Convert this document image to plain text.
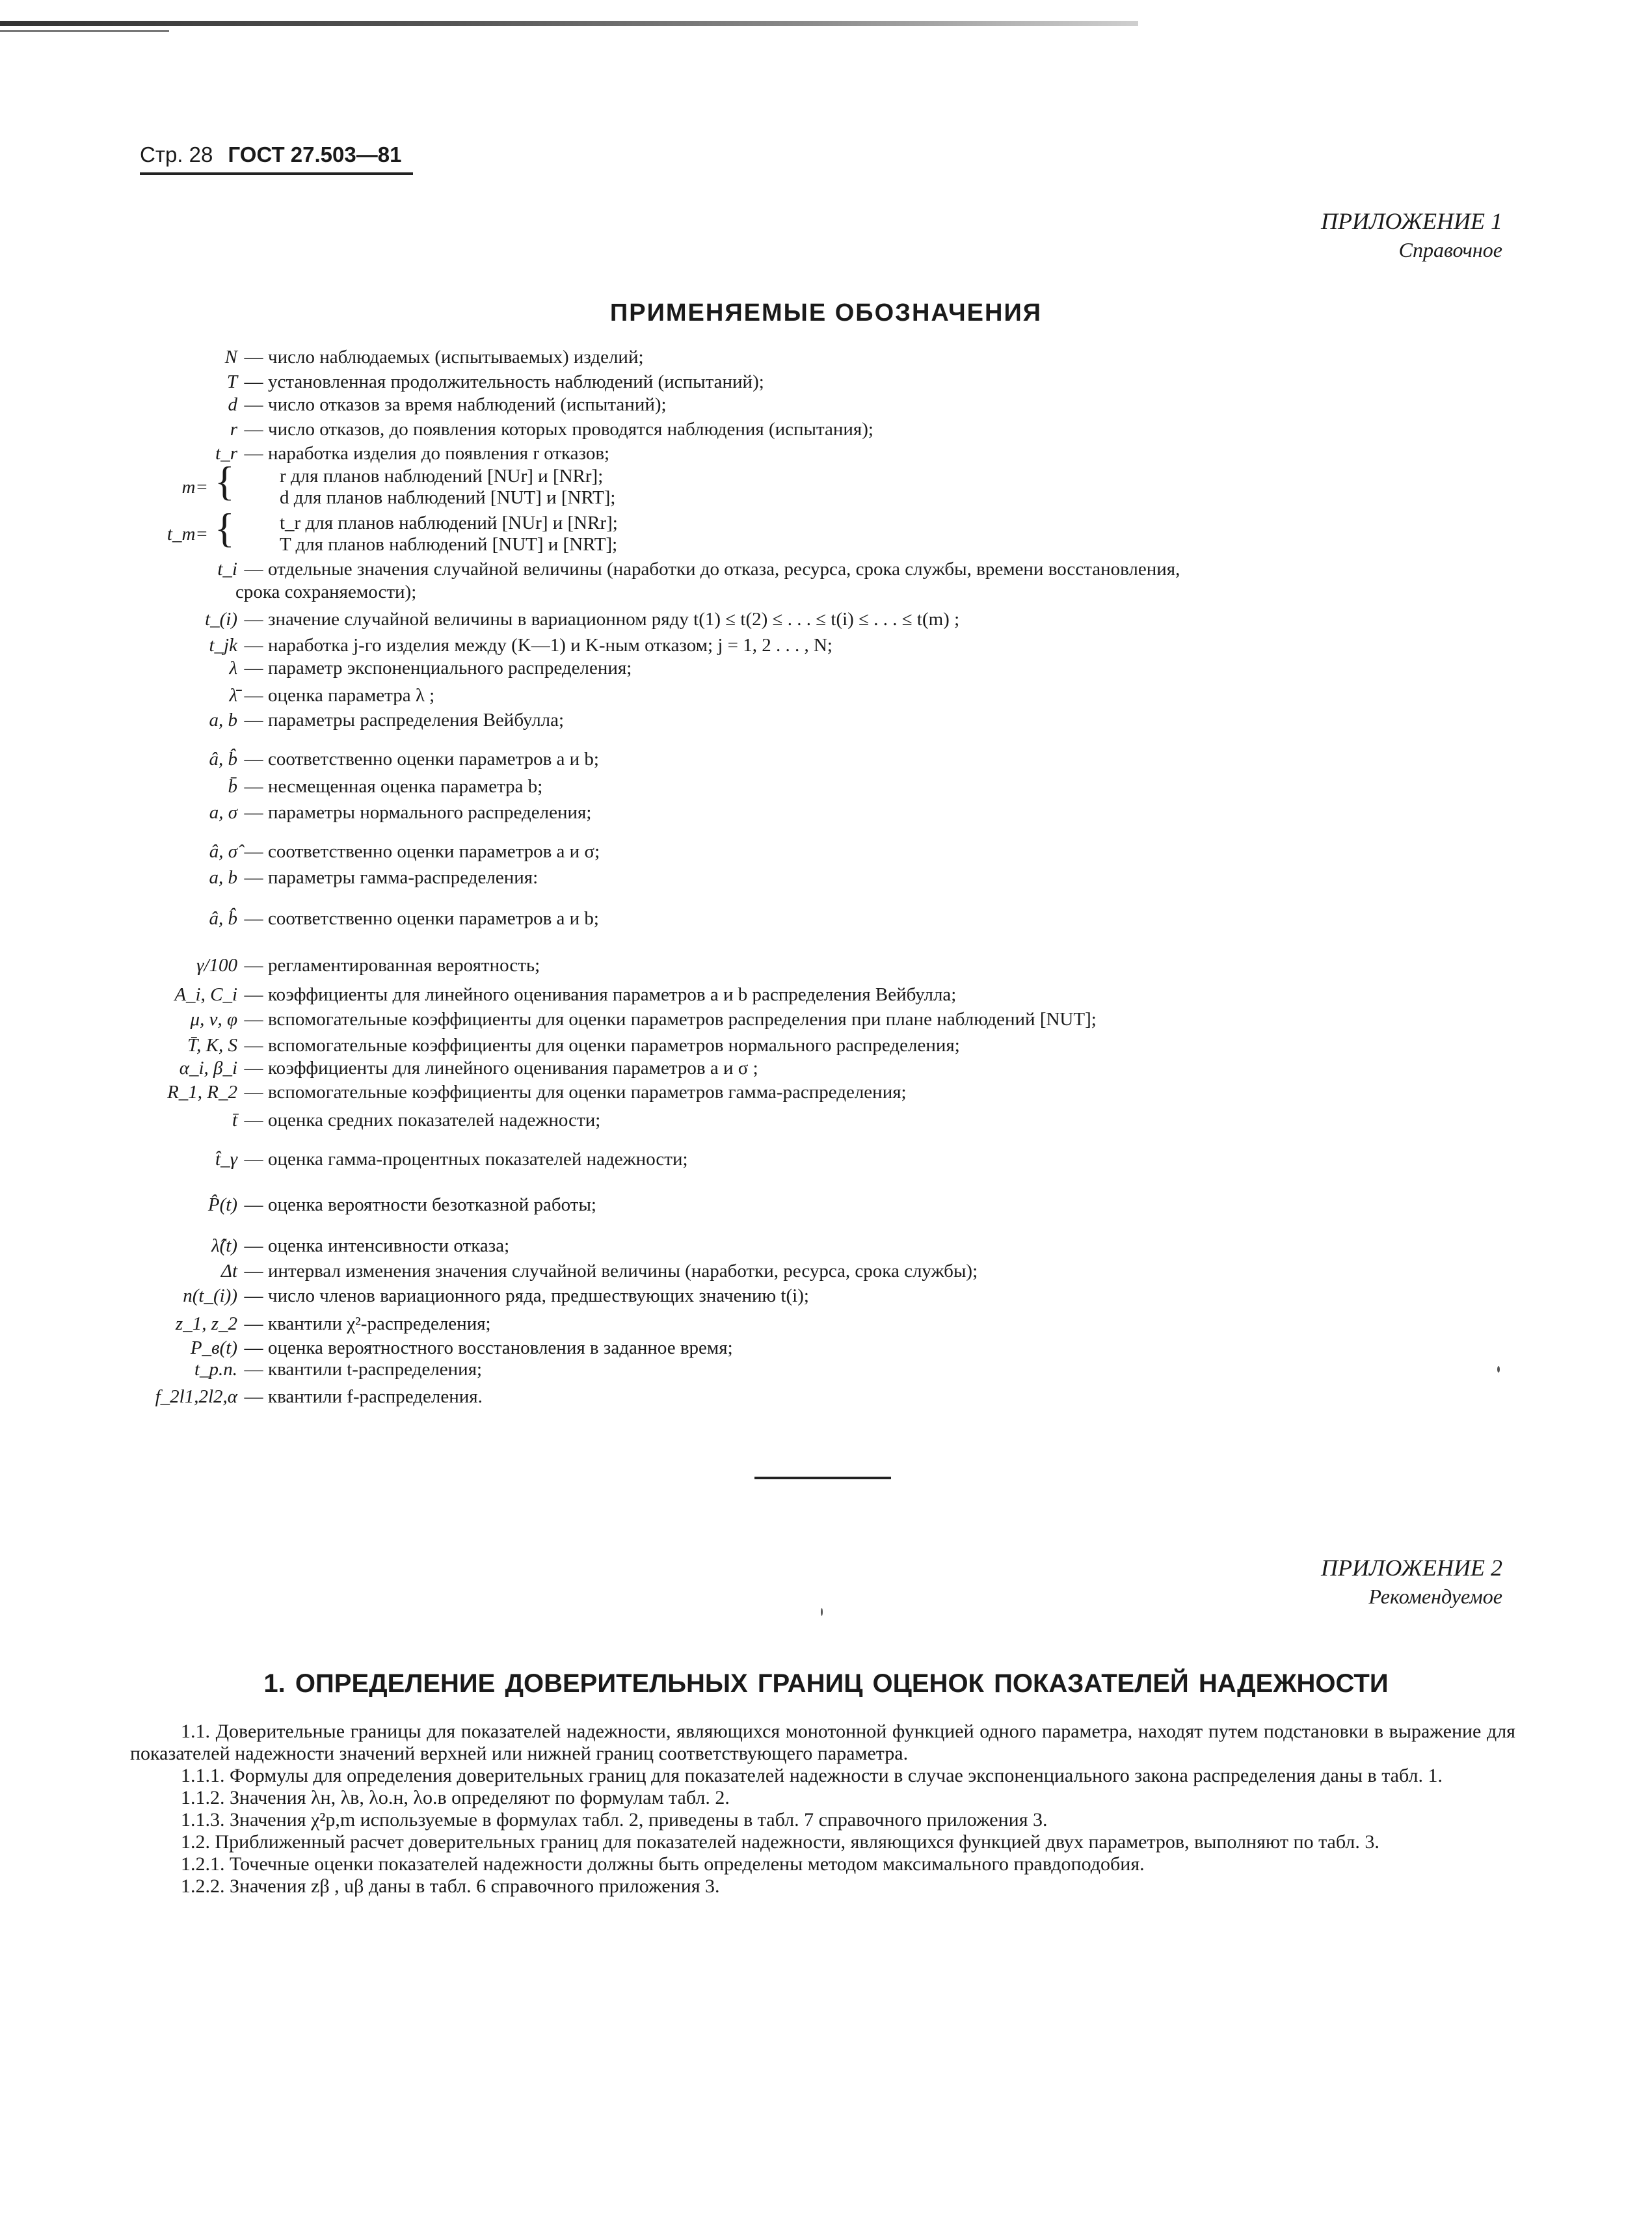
Стр. 28 ГОСТ 27.503—81
ПРИЛОЖЕНИЕ 1
Справочное
ПРИМЕНЯЕМЫЕ ОБОЗНАЧЕНИЯ
N — число наблюдаемых (испытываемых) изделий;
T — установленная продолжительность наблюдений (испытаний);
d — число отказов за время наблюдений (испытаний);
r — число отказов, до появления которых проводятся наблюдения (испытания);
t_r — наработка изделия до появления r отказов;
{ r для планов наблюдений [NUr] и [NRr];
m=	d для планов наблюдений [NUT] и [NRT];
{ t_r для планов наблюдений [NUr] и [NRr];
t_m=	T для планов наблюдений [NUT] и [NRT];
t_i — отдельные значения случайной величины (наработки до отказа, ресурса, срока службы, времени восстановления,
срока сохраняемости);
t_(i) — значение случайной величины в вариационном ряду t(1) ≤ t(2) ≤ . . . ≤ t(i) ≤ . . . ≤ t(m) ;
t_jk — наработка j-го изделия между (K—1) и K-ным отказом; j = 1, 2 . . . , N;
λ — параметр экспоненциального распределения;
λ̄ — оценка параметра λ ;
a, b — параметры распределения Вейбулла;
â, b̂ — соответственно оценки параметров a и b;
b̄ — несмещенная оценка параметра b;
a, σ — параметры нормального распределения;
â, σ̂ — соответственно оценки параметров a и σ;
a, b — параметры гамма-распределения:
â, b̂ — соответственно оценки параметров a и b;
γ/100 — регламентированная вероятность;
A_i, C_i — коэффициенты для линейного оценивания параметров a и b распределения Вейбулла;
μ, ν, φ — вспомогательные коэффициенты для оценки параметров распределения при плане наблюдений [NUT];
T̄, K, S — вспомогательные коэффициенты для оценки параметров нормального распределения;
α_i, β_i — коэффициенты для линейного оценивания параметров a и σ ;
R_1, R_2 — вспомогательные коэффициенты для оценки параметров гамма-распределения;
t̄ — оценка средних показателей надежности;
t̂_γ — оценка гамма-процентных показателей надежности;
P̂(t) — оценка вероятности безотказной работы;
λ̂(t) — оценка интенсивности отказа;
Δt — интервал изменения значения случайной величины (наработки, ресурса, срока службы);
n(t_(i)) — число членов вариационного ряда, предшествующих значению t(i);
z_1, z_2 — квантили χ²-распределения;
P_в(t) — оценка вероятностного восстановления в заданное время;
t_p.n. — квантили t-распределения;
f_2l1,2l2,α — квантили f-распределения.
ПРИЛОЖЕНИЕ 2
Рекомендуемое
1. ОПРЕДЕЛЕНИЕ ДОВЕРИТЕЛЬНЫХ ГРАНИЦ ОЦЕНОК ПОКАЗАТЕЛЕЙ НАДЕЖНОСТИ

1.1. Доверительные границы для показателей надежности, являющихся монотонной функцией одного параметра, находят путем подстановки в выражение для показателей надежности значений верхней или нижней границ соответствующего параметра.

1.1.1. Формулы для определения доверительных границ для показателей надежности в случае экспоненциального закона распределения даны в табл. 1.

1.1.2. Значения λн, λв, λо.н, λо.в определяют по формулам табл. 2.

1.1.3. Значения χ²p,m используемые в формулах табл. 2, приведены в табл. 7 справочного приложения 3.

1.2. Приближенный расчет доверительных границ для показателей надежности, являющихся функцией двух параметров, выполняют по табл. 3.

1.2.1. Точечные оценки показателей надежности должны быть определены методом максимального правдоподобия.

1.2.2. Значения zβ , uβ даны в табл. 6 справочного приложения 3.
